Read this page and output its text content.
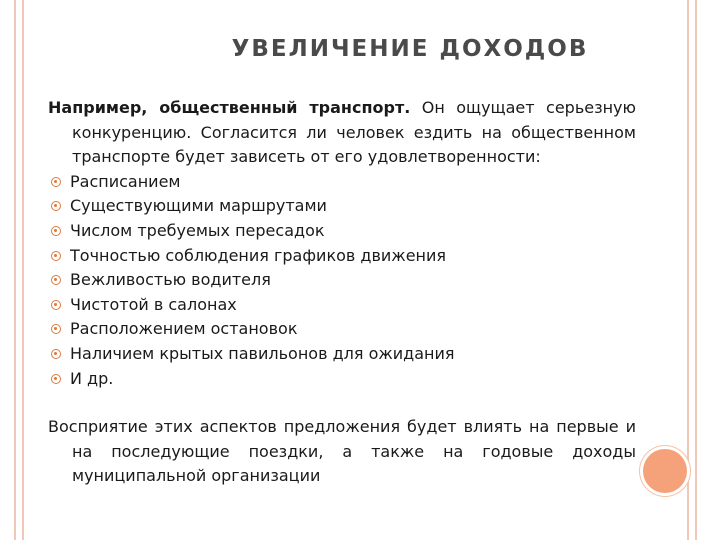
УВЕЛИЧЕНИЕ ДОХОДОВ

Например, общественный транспорт. Он ощущает серьезную конкуренцию. Согласится ли человек ездить на общественном транспорте будет зависеть от его удовлетворенности:

Расписанием
Существующими маршрутами
Числом требуемых пересадок
Точностью соблюдения графиков движения
Вежливостью водителя
Чистотой в салонах
Расположением остановок
Наличием крытых павильонов для ожидания
И др.

Восприятие этих аспектов предложения будет влиять на первые и на последующие поездки, а также на годовые доходы муниципальной организации
